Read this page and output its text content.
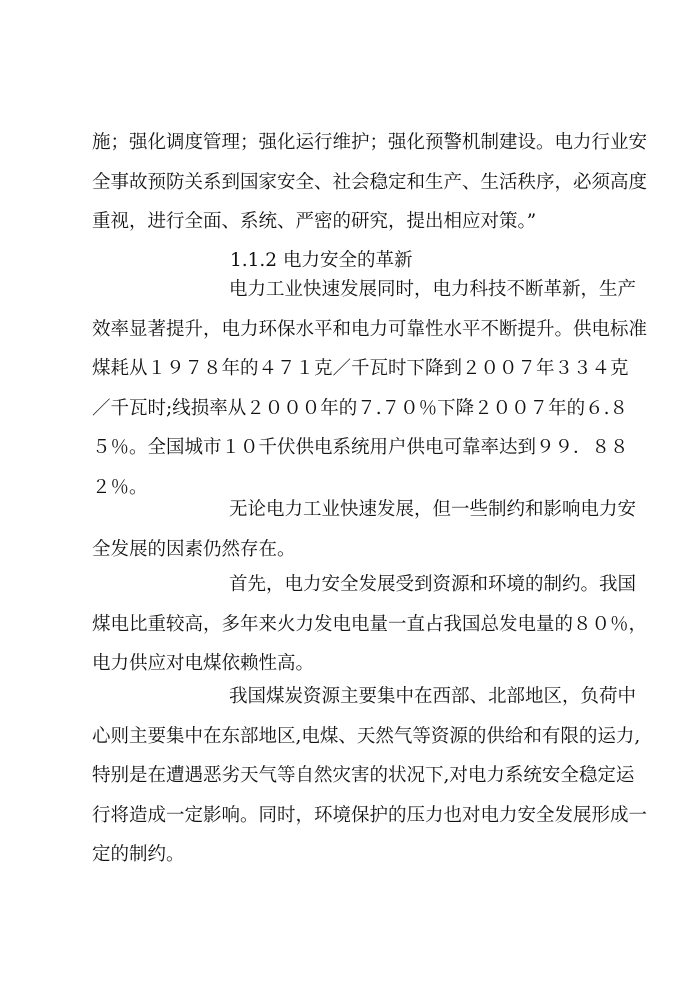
施；强化调度管理；强化运行维护；强化预警机制建设。电力行业安
全事故预防关系到国家安全、社会稳定和生产、生活秩序，必须高度
重视，进行全面、系统、严密的研究，提出相应对策。”
1.1.2 电力安全的革新
电力工业快速发展同时，电力科技不断革新，生产
效率显著提升，电力环保水平和电力可靠性水平不断提升。供电标准
煤耗从１９７８年的４７１克／千瓦时下降到２００７年３３４克
／千瓦时;线损率从２０００年的７.７０％下降２００７年的６.８
５％。全国城市１０千伏供电系统用户供电可靠率达到９９．８８
２％。
无论电力工业快速发展，但一些制约和影响电力安
全发展的因素仍然存在。
首先，电力安全发展受到资源和环境的制约。我国
煤电比重较高，多年来火力发电电量一直占我国总发电量的８０％，
电力供应对电煤依赖性高。
我国煤炭资源主要集中在西部、北部地区，负荷中
心则主要集中在东部地区,电煤、天然气等资源的供给和有限的运力,
特别是在遭遇恶劣天气等自然灾害的状况下,对电力系统安全稳定运
行将造成一定影响。同时，环境保护的压力也对电力安全发展形成一
定的制约。
